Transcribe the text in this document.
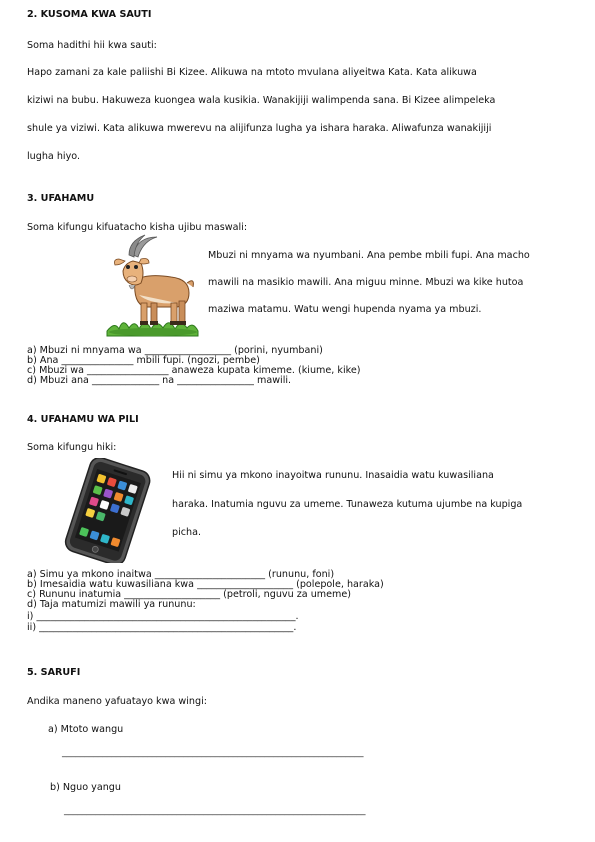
2. KUSOMA KWA SAUTI
Soma hadithi hii kwa sauti:
Hapo zamani za kale paliishi Bi Kizee. Alikuwa na mtoto mvulana aliyeitwa Kata. Kata alikuwa
kiziwi na bubu. Hakuweza kuongea wala kusikia. Wanakijiji walimpenda sana. Bi Kizee alimpeleka
shule ya viziwi. Kata alikuwa mwerevu na alijifunza lugha ya ishara haraka. Aliwafunza wanakijiji
lugha hiyo.
3. UFAHAMU
Soma kifungu kifuatacho kisha ujibu maswali:
Mbuzi ni mnyama wa nyumbani. Ana pembe mbili fupi. Ana macho
mawili na masikio mawili. Ana miguu minne. Mbuzi wa kike hutoa
maziwa matamu. Watu wengi hupenda nyama ya mbuzi.
a) Mbuzi ni mnyama wa __________________ (porini, nyumbani)
b) Ana _______________ mbili fupi. (ngozi, pembe)
c) Mbuzi wa _________________ anaweza kupata kimeme. (kiume, kike)
d) Mbuzi ana ______________ na ________________ mawili.
4. UFAHAMU WA PILI
Soma kifungu hiki:
Hii ni simu ya mkono inayoitwa rununu. Inasaidia watu kuwasiliana
haraka. Inatumia nguvu za umeme. Tunaweza kutuma ujumbe na kupiga
picha.
a) Simu ya mkono inaitwa _______________________ (rununu, foni)
b) Imesaidia watu kuwasiliana kwa ____________________ (polepole, haraka)
c) Rununu inatumia ____________________ (petroli, nguvu za umeme)
d) Taja matumizi mawili ya rununu:
i) ______________________________________________________.
ii) _____________________________________________________.
5. SARUFI
Andika maneno yafuatayo kwa wingi:
a) Mtoto wangu
___________________________________________________________________
b) Nguo yangu
___________________________________________________________________
